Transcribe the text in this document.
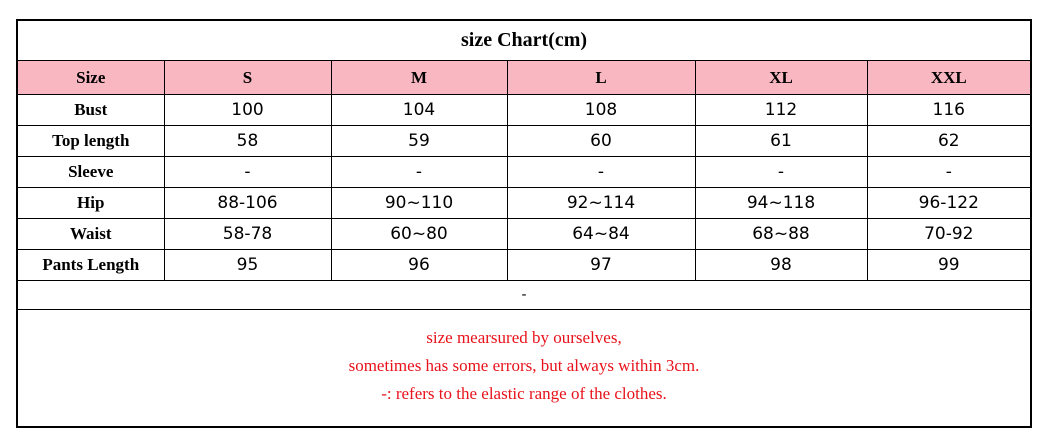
size Chart(cm)					
Size	S	M	L	XL	XXL
Bust	100	104	108	112	116
Top length	58	59	60	61	62
Sleeve	-	-	-	-	-
Hip	88-106	90~110	92~114	94~118	96-122
Waist	58-78	60~80	64~84	68~88	70-92
Pants Length	95	96	97	98	99
-					
size mearsured by ourselves,
sometimes has some errors, but always within 3cm.
-: refers to the elastic range of the clothes.
